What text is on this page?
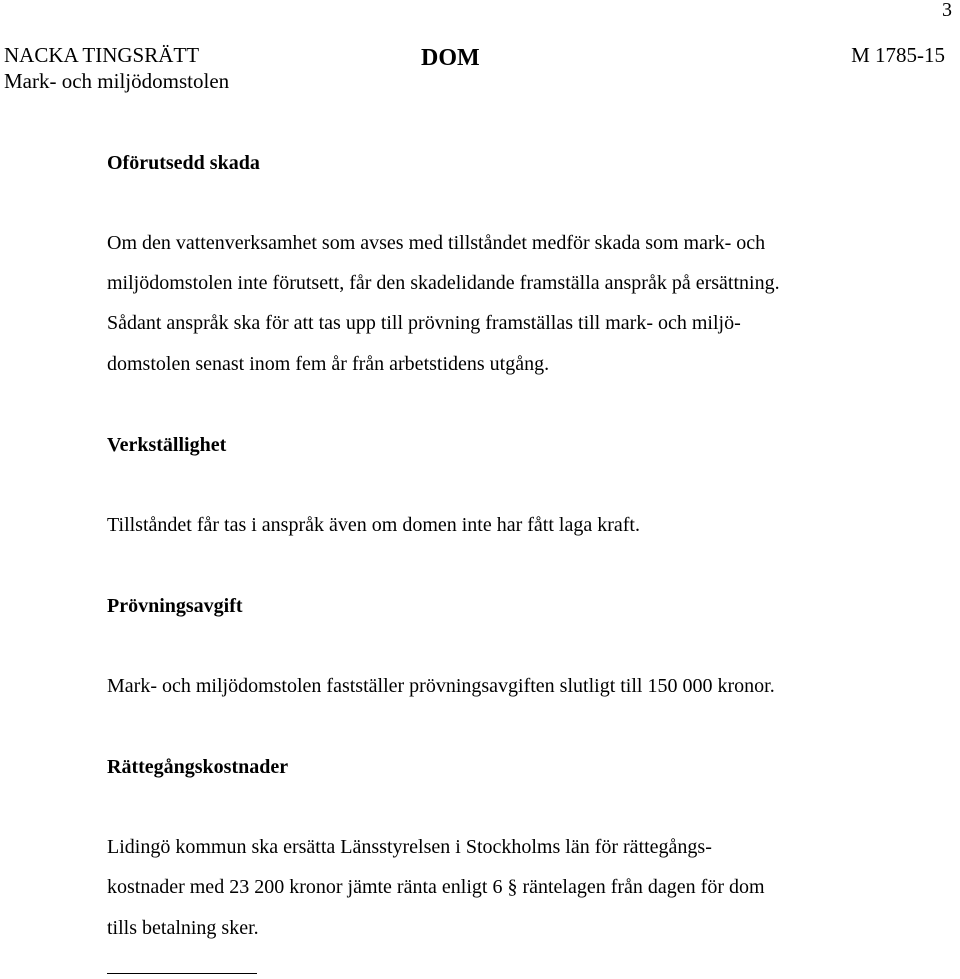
3
NACKA TINGSRÄTT
Mark- och miljödomstolen
DOM	M 1785-15
Oförutsedd skada
Om den vattenverksamhet som avses med tillståndet medför skada som mark- och
miljödomstolen inte förutsett, får den skadelidande framställa anspråk på ersättning.
Sådant anspråk ska för att tas upp till prövning framställas till mark- och miljö-
domstolen senast inom fem år från arbetstidens utgång.
Verkställighet
Tillståndet får tas i anspråk även om domen inte har fått laga kraft.
Prövningsavgift
Mark- och miljödomstolen fastställer prövningsavgiften slutligt till 150 000 kronor.
Rättegångskostnader
Lidingö kommun ska ersätta Länsstyrelsen i Stockholms län för rättegångs-
kostnader med 23 200 kronor jämte ränta enligt 6 § räntelagen från dagen för dom
tills betalning sker.
